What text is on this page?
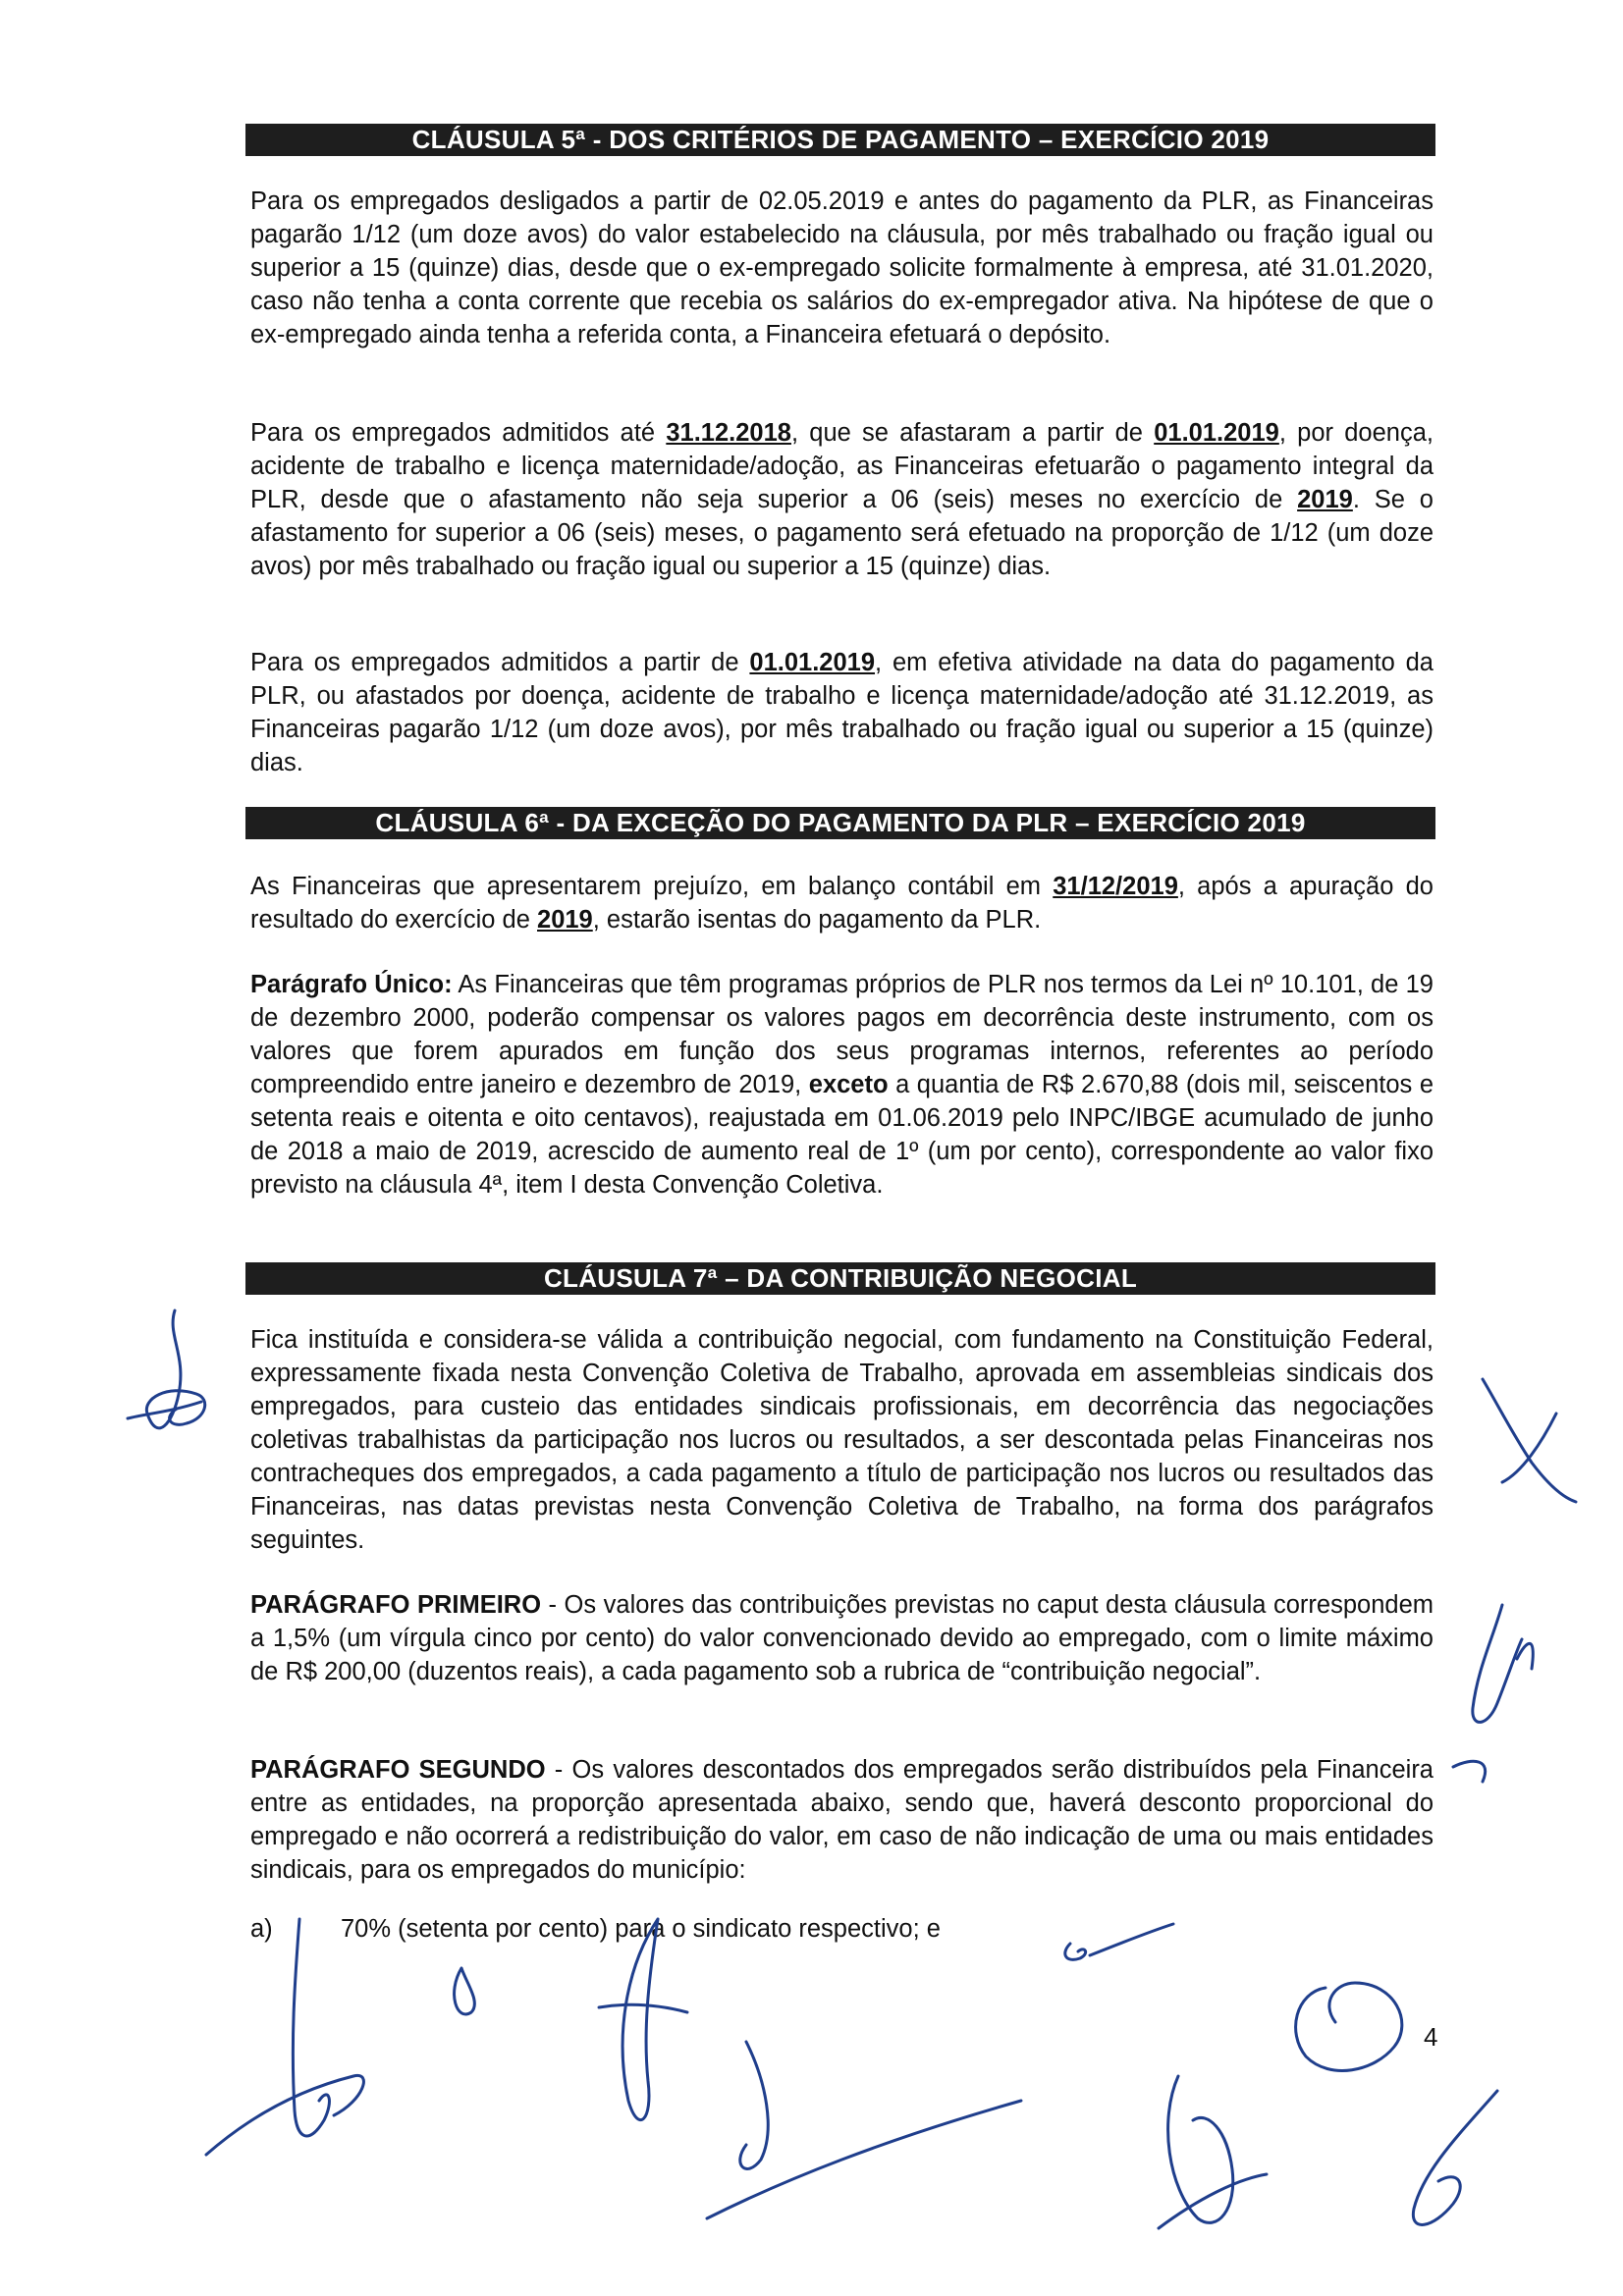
CLÁUSULA 5ª - DOS CRITÉRIOS DE PAGAMENTO – EXERCÍCIO 2019

Para os empregados desligados a partir de 02.05.2019 e antes do pagamento da PLR, as Financeiras pagarão 1/12 (um doze avos) do valor estabelecido na cláusula, por mês trabalhado ou fração igual ou superior a 15 (quinze) dias, desde que o ex-empregado solicite formalmente à empresa, até 31.01.2020, caso não tenha a conta corrente que recebia os salários do ex-empregador ativa. Na hipótese de que o ex-empregado ainda tenha a referida conta, a Financeira efetuará o depósito.

Para os empregados admitidos até 31.12.2018, que se afastaram a partir de 01.01.2019, por doença, acidente de trabalho e licença maternidade/adoção, as Financeiras efetuarão o pagamento integral da PLR, desde que o afastamento não seja superior a 06 (seis) meses no exercício de 2019. Se o afastamento for superior a 06 (seis) meses, o pagamento será efetuado na proporção de 1/12 (um doze avos) por mês trabalhado ou fração igual ou superior a 15 (quinze) dias.

Para os empregados admitidos a partir de 01.01.2019, em efetiva atividade na data do pagamento da PLR, ou afastados por doença, acidente de trabalho e licença maternidade/adoção até 31.12.2019, as Financeiras pagarão 1/12 (um doze avos), por mês trabalhado ou fração igual ou superior a 15 (quinze) dias.

CLÁUSULA 6ª - DA EXCEÇÃO DO PAGAMENTO DA PLR – EXERCÍCIO 2019

As Financeiras que apresentarem prejuízo, em balanço contábil em 31/12/2019, após a apuração do resultado do exercício de 2019, estarão isentas do pagamento da PLR.

Parágrafo Único: As Financeiras que têm programas próprios de PLR nos termos da Lei nº 10.101, de 19 de dezembro 2000, poderão compensar os valores pagos em decorrência deste instrumento, com os valores que forem apurados em função dos seus programas internos, referentes ao período compreendido entre janeiro e dezembro de 2019, exceto a quantia de R$ 2.670,88 (dois mil, seiscentos e setenta reais e oitenta e oito centavos), reajustada em 01.06.2019 pelo INPC/IBGE acumulado de junho de 2018 a maio de 2019, acrescido de aumento real de 1º (um por cento), correspondente ao valor fixo previsto na cláusula 4ª, item I desta Convenção Coletiva.

CLÁUSULA 7ª – DA CONTRIBUIÇÃO NEGOCIAL

Fica instituída e considera-se válida a contribuição negocial, com fundamento na Constituição Federal, expressamente fixada nesta Convenção Coletiva de Trabalho, aprovada em assembleias sindicais dos empregados, para custeio das entidades sindicais profissionais, em decorrência das negociações coletivas trabalhistas da participação nos lucros ou resultados, a ser descontada pelas Financeiras nos contracheques dos empregados, a cada pagamento a título de participação nos lucros ou resultados das Financeiras, nas datas previstas nesta Convenção Coletiva de Trabalho, na forma dos parágrafos seguintes.

PARÁGRAFO PRIMEIRO - Os valores das contribuições previstas no caput desta cláusula correspondem a 1,5% (um vírgula cinco por cento) do valor convencionado devido ao empregado, com o limite máximo de R$ 200,00 (duzentos reais), a cada pagamento sob a rubrica de “contribuição negocial”.

PARÁGRAFO SEGUNDO - Os valores descontados dos empregados serão distribuídos pela Financeira entre as entidades, na proporção apresentada abaixo, sendo que, haverá desconto proporcional do empregado e não ocorrerá a redistribuição do valor, em caso de não indicação de uma ou mais entidades sindicais, para os empregados do município:

a)	70% (setenta por cento) para o sindicato respectivo; e
4
